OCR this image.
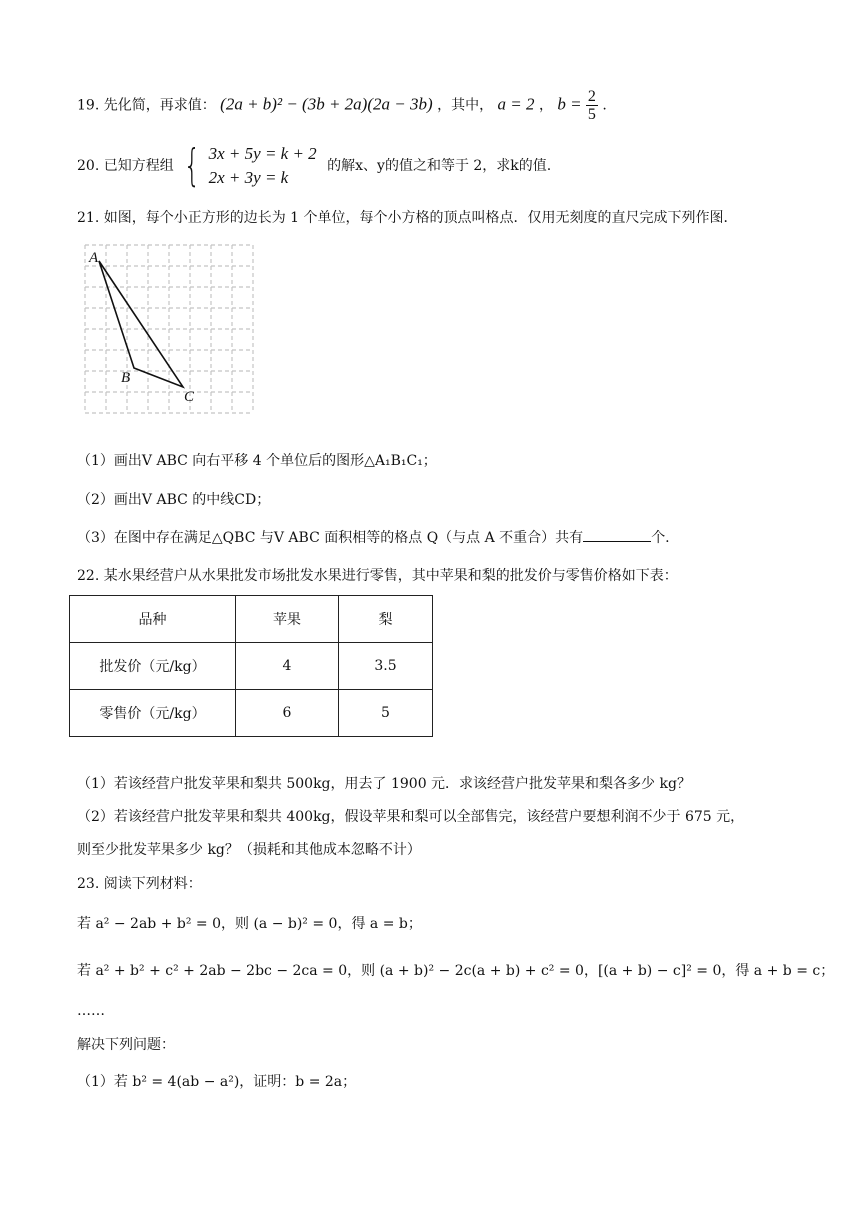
19. 先化简，再求值： (2a + b)² − (3b + 2a)(2a − 3b) ，其中， a = 2 ， $b = \frac{2}{5}$ .
20. 已知方程组 { 3x + 5y = k + 2
2x + 3y = k
的解x、y的值之和等于 2，求k的值.
21. 如图，每个小正方形的边长为 1 个单位，每个小方格的顶点叫格点．仅用无刻度的直尺完成下列作图．
A
B
C
（1）画出V ABC 向右平移 4 个单位后的图形△A₁B₁C₁；
（2）画出V ABC 的中线CD；
（3）在图中存在满足△QBC 与V ABC 面积相等的格点 Q（与点 A 不重合）共有	个.
22. 某水果经营户从水果批发市场批发水果进行零售，其中苹果和梨的批发价与零售价格如下表：
品种	苹果	梨
批发价（元/kg）	4	3.5
零售价（元/kg）	6	5
（1）若该经营户批发苹果和梨共 500kg，用去了 1900 元．求该经营户批发苹果和梨各多少 kg？
（2）若该经营户批发苹果和梨共 400kg，假设苹果和梨可以全部售完，该经营户要想利润不少于 675 元，
则至少批发苹果多少 kg？（损耗和其他成本忽略不计）
23. 阅读下列材料：
若 a² − 2ab + b² = 0，则 (a − b)² = 0，得 a = b；
若 a² + b² + c² + 2ab − 2bc − 2ca = 0，则 (a + b)² − 2c(a + b) + c² = 0，[(a + b) − c]² = 0，得 a + b = c；
……
解决下列问题：
（1）若 b² = 4(ab − a²)，证明：b = 2a；
